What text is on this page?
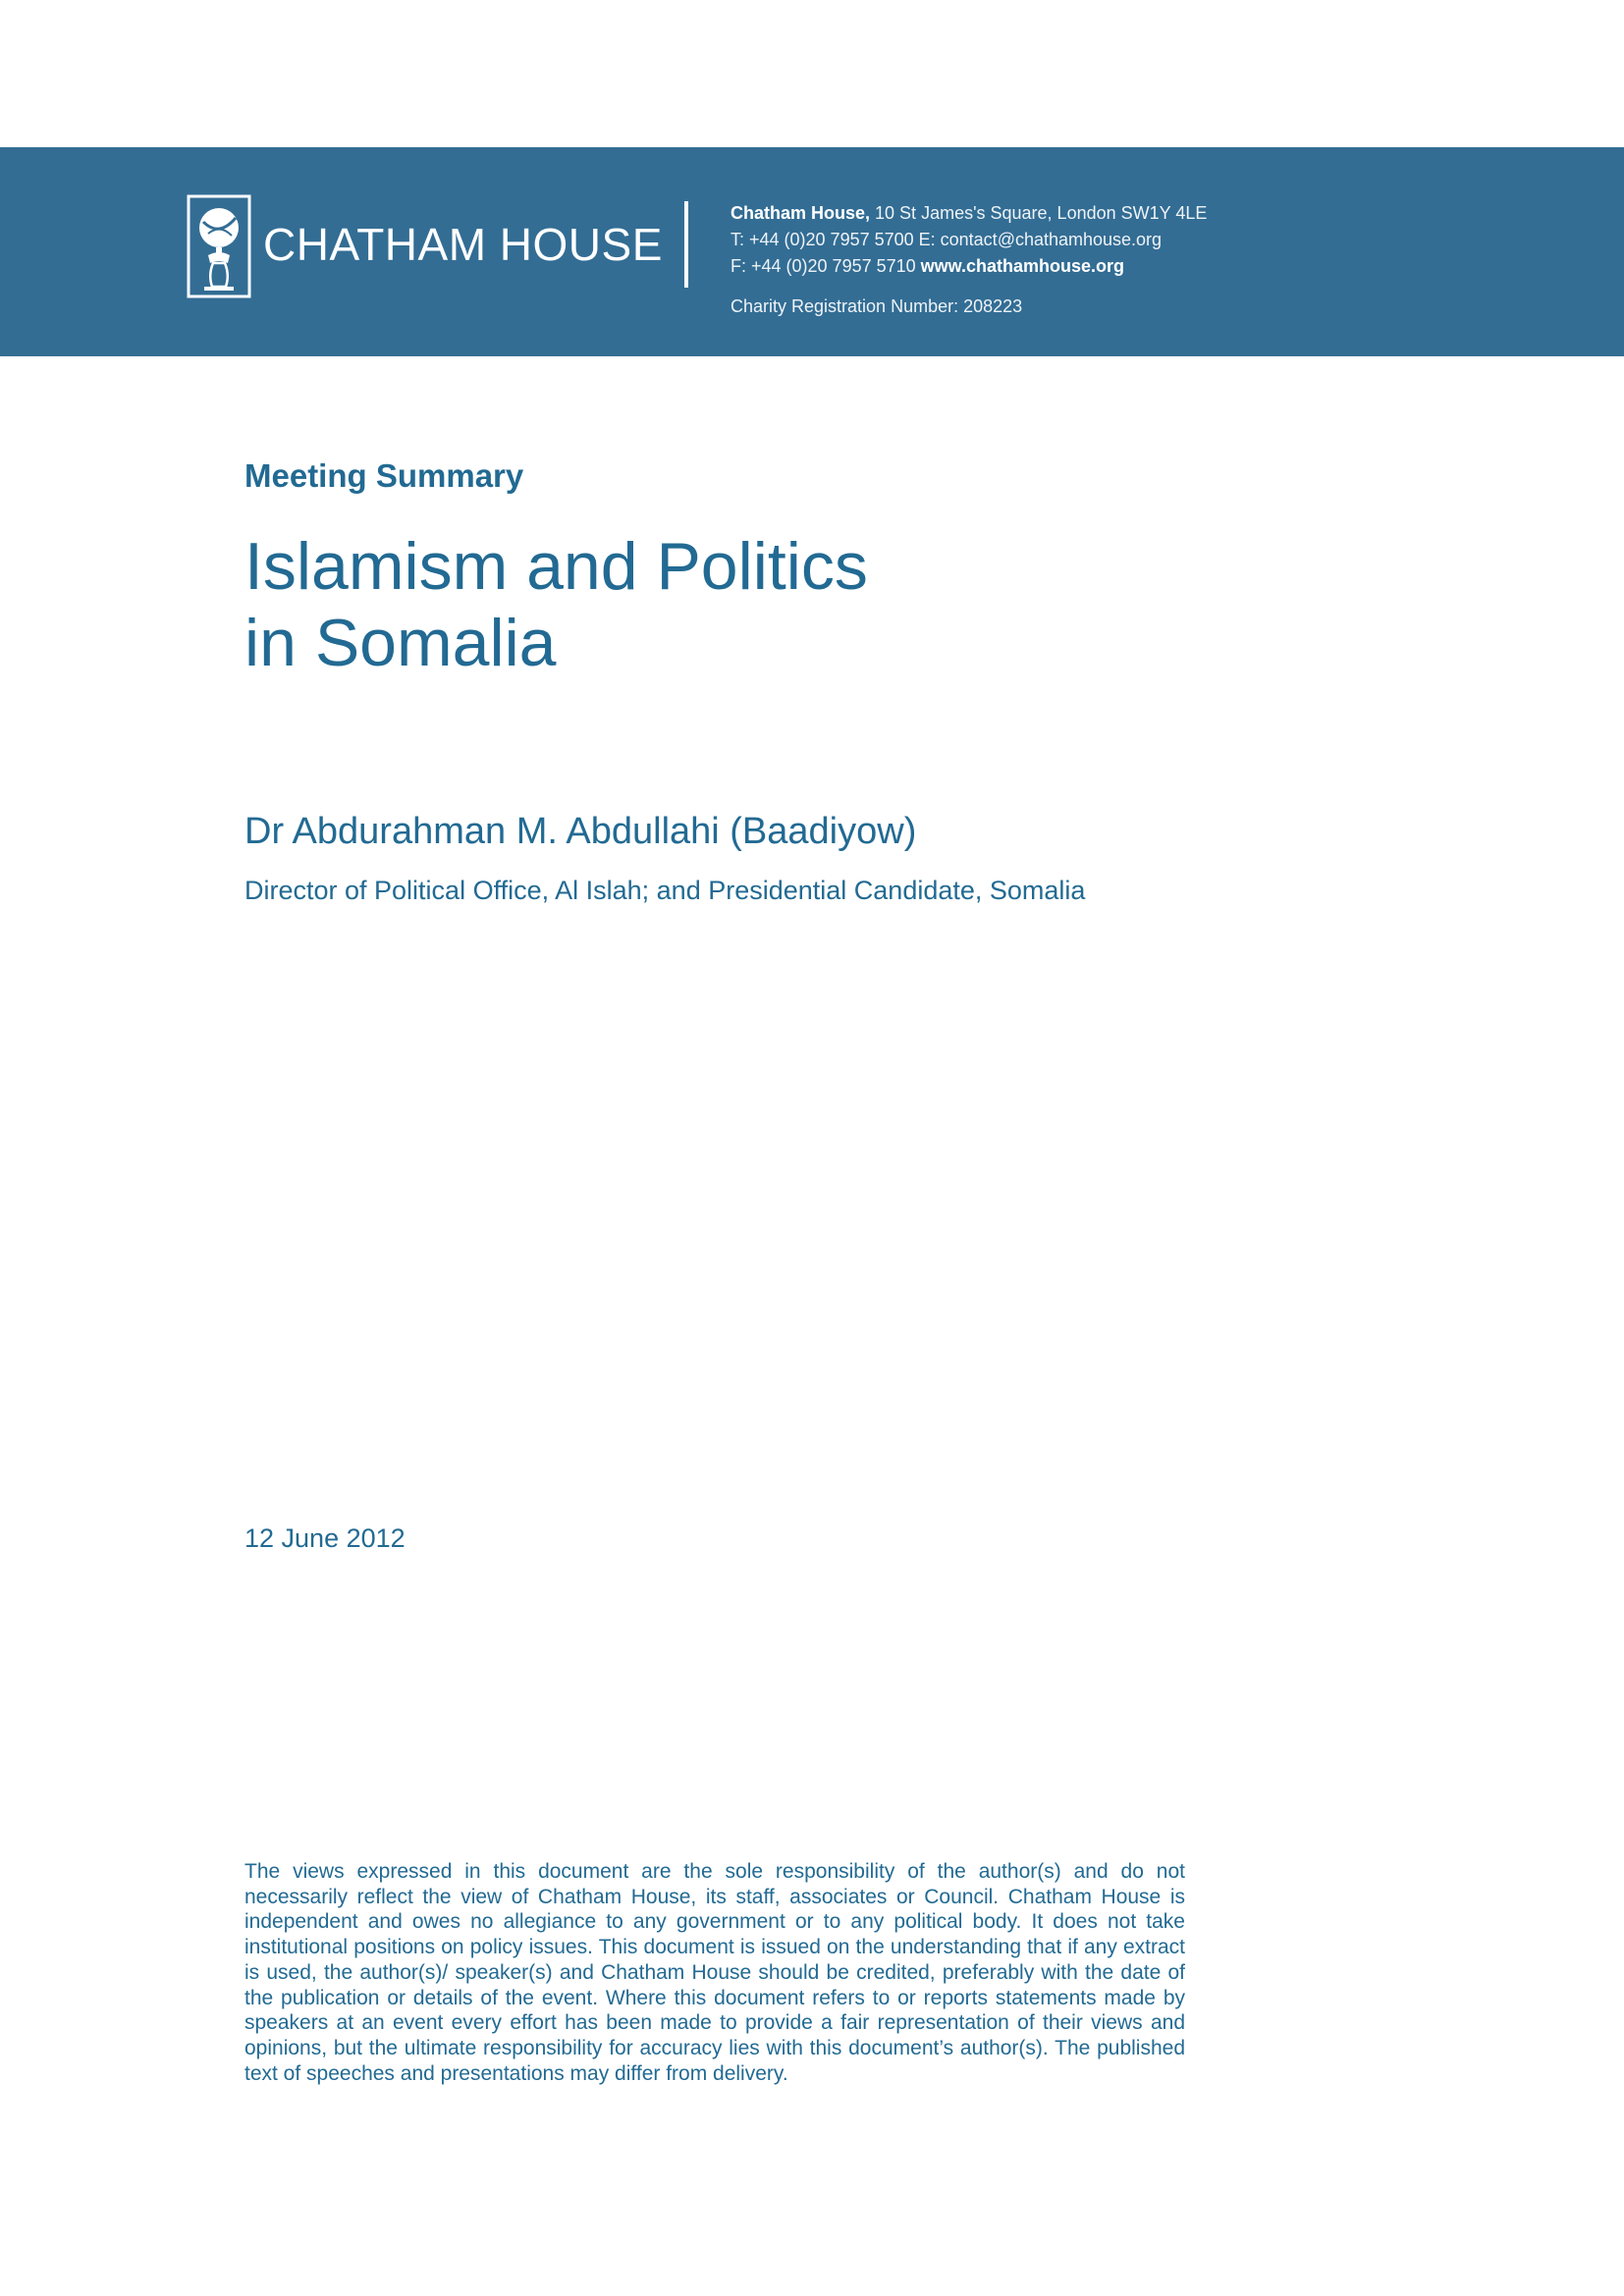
CHATHAM HOUSE
Chatham House, 10 St James's Square, London SW1Y 4LE
T: +44 (0)20 7957 5700 E: contact@chathamhouse.org
F: +44 (0)20 7957 5710 www.chathamhouse.org
Charity Registration Number: 208223
Meeting Summary
Islamism and Politics
in Somalia
Dr Abdurahman M. Abdullahi (Baadiyow)
Director of Political Office, Al Islah; and Presidential Candidate, Somalia
12 June 2012
The views expressed in this document are the sole responsibility of the author(s) and do not necessarily reflect the view of Chatham House, its staff, associates or Council. Chatham House is independent and owes no allegiance to any government or to any political body. It does not take institutional positions on policy issues. This document is issued on the understanding that if any extract is used, the author(s)/ speaker(s) and Chatham House should be credited, preferably with the date of the publication or details of the event. Where this document refers to or reports statements made by speakers at an event every effort has been made to provide a fair representation of their views and opinions, but the ultimate responsibility for accuracy lies with this document’s author(s). The published text of speeches and presentations may differ from delivery.
